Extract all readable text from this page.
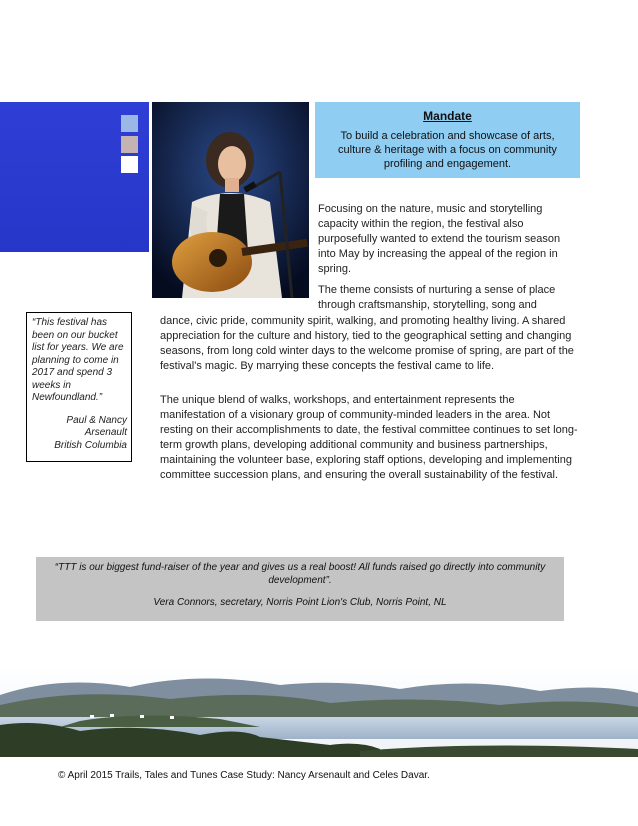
Mandate

To build a celebration and showcase of arts, culture & heritage with a focus on community profiling and engagement.

Focusing on the nature, music and storytelling capacity within the region, the festival also purposefully wanted to extend the tourism season into May by increasing the appeal of the region in spring.

The theme consists of nurturing a sense of place through craftsmanship, storytelling, song and

dance, civic pride, community spirit, walking, and promoting healthy living. A shared appreciation for the culture and history, tied to the geographical setting and changing seasons, from long cold winter days to the welcome promise of spring, are part of the festival's magic. By marrying these concepts the festival came to life.

The unique blend of walks, workshops, and entertainment represents the manifestation of a visionary group of community-minded leaders in the area. Not resting on their accomplishments to date, the festival committee continues to set long-term growth plans, developing additional community and business partnerships, maintaining the volunteer base, exploring staff options, developing and implementing committee succession plans, and ensuring the overall sustainability of the festival.

“This festival has been on our bucket list for years. We are planning to come in 2017 and spend 3 weeks in Newfoundland.”

Paul & Nancy

Arsenault

British Columbia

“TTT is our biggest fund-raiser of the year and gives us a real boost! All funds raised go directly into community development”.

Vera Connors, secretary, Norris Point Lion's Club, Norris Point, NL

© April 2015 Trails, Tales and Tunes Case Study: Nancy Arsenault and Celes Davar.
